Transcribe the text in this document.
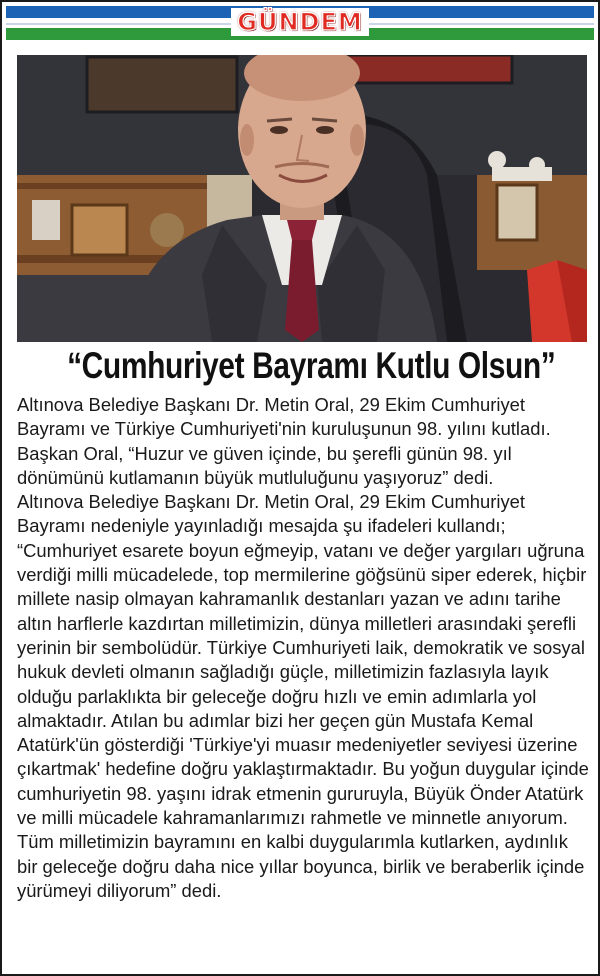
GÜNDEM
“Cumhuriyet Bayramı Kutlu Olsun”

Altınova Belediye Başkanı Dr. Metin Oral, 29 Ekim Cumhuriyet Bayramı ve Türkiye Cumhuriyeti'nin kuruluşunun 98. yılını kutladı. Başkan Oral, “Huzur ve güven içinde, bu şerefli günün 98. yıl dönümünü kutlamanın büyük mutluluğunu yaşıyoruz” dedi.

Altınova Belediye Başkanı Dr. Metin Oral, 29 Ekim Cumhuriyet Bayramı nedeniyle yayınladığı mesajda şu ifadeleri kullandı; “Cumhuriyet esarete boyun eğmeyip, vatanı ve değer yargıları uğruna verdiği milli mücadelede, top mermilerine göğsünü siper ederek, hiçbir millete nasip olmayan kahramanlık destanları yazan ve adını tarihe altın harflerle kazdırtan milletimizin, dünya milletleri arasındaki şerefli yerinin bir sembolüdür. Türkiye Cumhuriyeti laik, demokratik ve sosyal hukuk devleti olmanın sağladığı güçle, milletimizin fazlasıyla layık olduğu parlaklıkta bir geleceğe doğru hızlı ve emin adımlarla yol almaktadır. Atılan bu adımlar bizi her geçen gün Mustafa Kemal Atatürk'ün gösterdiği 'Türkiye'yi muasır medeniyetler seviyesi üzerine çıkartmak' hedefine doğru yaklaştırmaktadır. Bu yoğun duygular içinde cumhuriyetin 98. yaşını idrak etmenin gururuyla, Büyük Önder Atatürk ve milli mücadele kahramanlarımızı rahmetle ve minnetle anıyorum. Tüm milletimizin bayramını en kalbi duygularımla kutlarken, aydınlık bir geleceğe doğru daha nice yıllar boyunca, birlik ve beraberlik içinde yürümeyi diliyorum” dedi.
